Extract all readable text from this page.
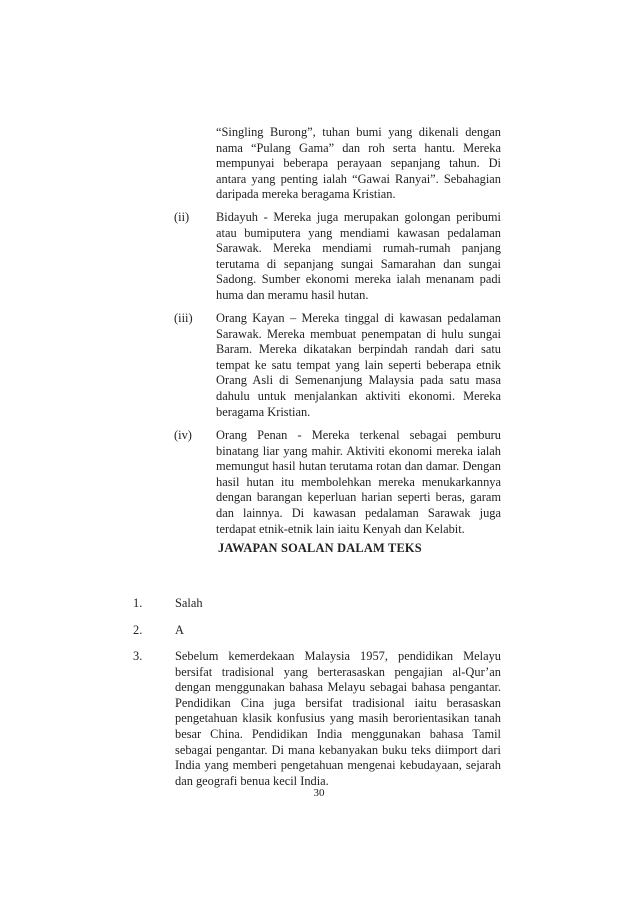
“Singling Burong”, tuhan bumi yang dikenali dengan nama “Pulang Gama” dan roh serta hantu. Mereka mempunyai beberapa perayaan sepanjang tahun. Di antara yang penting ialah “Gawai Ranyai”. Sebahagian daripada mereka beragama Kristian.

(ii) Bidayuh - Mereka juga merupakan golongan peribumi atau bumiputera yang mendiami kawasan pedalaman Sarawak. Mereka mendiami rumah-rumah panjang terutama di sepanjang sungai Samarahan dan sungai Sadong. Sumber ekonomi mereka ialah menanam padi huma dan meramu hasil hutan.

(iii) Orang Kayan – Mereka tinggal di kawasan pedalaman Sarawak. Mereka membuat penempatan di hulu sungai Baram. Mereka dikatakan berpindah randah dari satu tempat ke satu tempat yang lain seperti beberapa etnik Orang Asli di Semenanjung Malaysia pada satu masa dahulu untuk menjalankan aktiviti ekonomi. Mereka beragama Kristian.

(iv) Orang Penan - Mereka terkenal sebagai pemburu binatang liar yang mahir. Aktiviti ekonomi mereka ialah memungut hasil hutan terutama rotan dan damar. Dengan hasil hutan itu membolehkan mereka menukarkannya dengan barangan keperluan harian seperti beras, garam dan lainnya. Di kawasan pedalaman Sarawak juga terdapat etnik-etnik lain iaitu Kenyah dan Kelabit.

JAWAPAN SOALAN DALAM TEKS
1.	Salah
2.	A
3.	Sebelum kemerdekaan Malaysia 1957, pendidikan Melayu bersifat tradisional yang berterasaskan pengajian al-Qur’an dengan menggunakan bahasa Melayu sebagai bahasa pengantar. Pendidikan Cina juga bersifat tradisional iaitu berasaskan pengetahuan klasik konfusius yang masih berorientasikan tanah besar China. Pendidikan India menggunakan bahasa Tamil sebagai pengantar. Di mana kebanyakan buku teks diimport dari India yang memberi pengetahuan mengenai kebudayaan, sejarah dan geografi benua kecil India.

30
